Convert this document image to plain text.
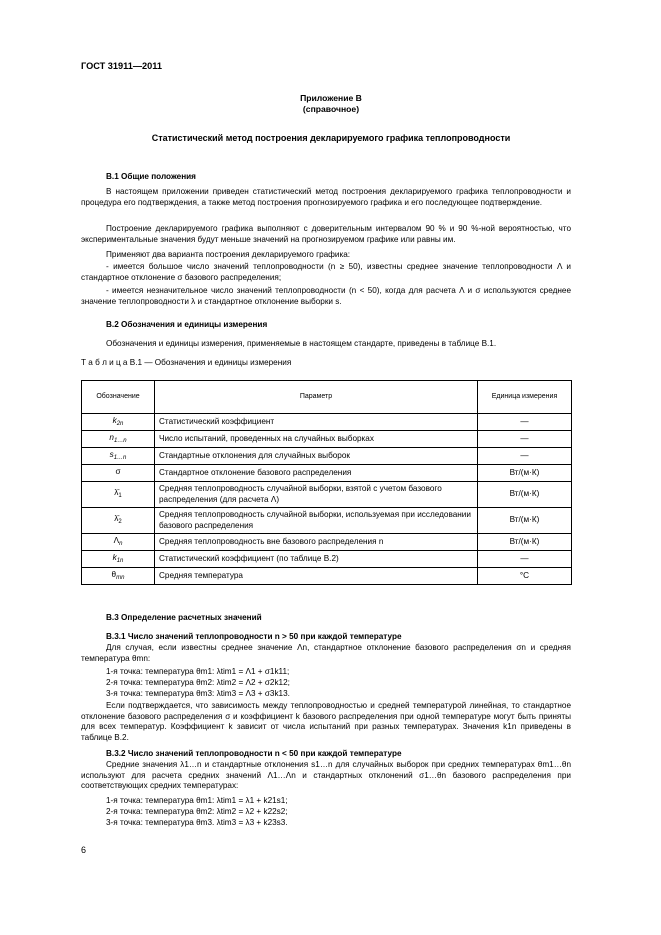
ГОСТ 31911—2011
Приложение В
(справочное)
Статистический метод построения декларируемого графика теплопроводности
В.1 Общие положения
В настоящем приложении приведен статистический метод построения декларируемого графика теплопроводности и процедура его подтверждения, а также метод построения прогнозируемого графика и его последующее подтверждение.
Построение декларируемого графика выполняют с доверительным интервалом 90 % и 90 %-ной вероятностью, что экспериментальные значения будут меньше значений на прогнозируемом графике или равны им.
Применяют два варианта построения декларируемого графика:
- имеется большое число значений теплопроводности (n ≥ 50), известны среднее значение теплопроводности Λ и стандартное отклонение σ базового распределения;
- имеется незначительное число значений теплопроводности (n < 50), когда для расчета Λ и σ используются среднее значение теплопроводности λ и стандартное отклонение выборки s.
В.2 Обозначения и единицы измерения
Обозначения и единицы измерения, применяемые в настоящем стандарте, приведены в таблице В.1.
Т а б л и ц а В.1 — Обозначения и единицы измерения
Обозначение	Параметр	Единица измерения
$k_{2n}$	Статистический коэффициент	—
$n_{1\dots n}$	Число испытаний, проведенных на случайных выборках	—
$s_{1\dots n}$	Стандартные отклонения для случайных выборок	—
σ	Стандартное отклонение базового распределения	Вт/(м·К)
$\lambdā_1$	Средняя теплопроводность случайной выборки, взятой с учетом базового распределения (для расчета Λ)	Вт/(м·К)
$\lambdā_2$	Средняя теплопроводность случайной выборки, используемая при исследовании базового распределения	Вт/(м·К)
$\Lambda_n$	Средняя теплопроводность вне базового распределения n	Вт/(м·К)
$k_{1n}$	Статистический коэффициент (по таблице В.2)	—
$\theta_{mn}$	Средняя температура	°С
В.3 Определение расчетных значений
В.3.1 Число значений теплопроводности n > 50 при каждой температуре
Для случая, если известны среднее значение Λn, стандартное отклонение базового распределения σn и средняя температура θmn:
1-я точка: температура θm1: λtim1 = Λ1 + σ1k11;
2-я точка: температура θm2: λtim2 = Λ2 + σ2k12;
3-я точка: температура θm3: λtim3 = Λ3 + σ3k13.
Если подтверждается, что зависимость между теплопроводностью и средней температурой линейная, то стандартное отклонение базового распределения σ и коэффициент k базового распределения при одной температуре могут быть приняты для всех температур. Коэффициент k зависит от числа испытаний при разных температурах. Значения k1n приведены в таблице В.2.
В.3.2 Число значений теплопроводности n < 50 при каждой температуре
Средние значения λ1…n и стандартные отклонения s1…n для случайных выборок при средних температурах θm1…θn используют для расчета средних значений Λ1…Λn и стандартных отклонений σ1…θn базового распределения при соответствующих средних температурах:
1-я точка: температура θm1: λtim1 = λ1 + k21s1;
2-я точка: температура θm2: λtim2 = λ2 + k22s2;
3-я точка: температура θm3. λtim3 = λ3 + k23s3.
6
